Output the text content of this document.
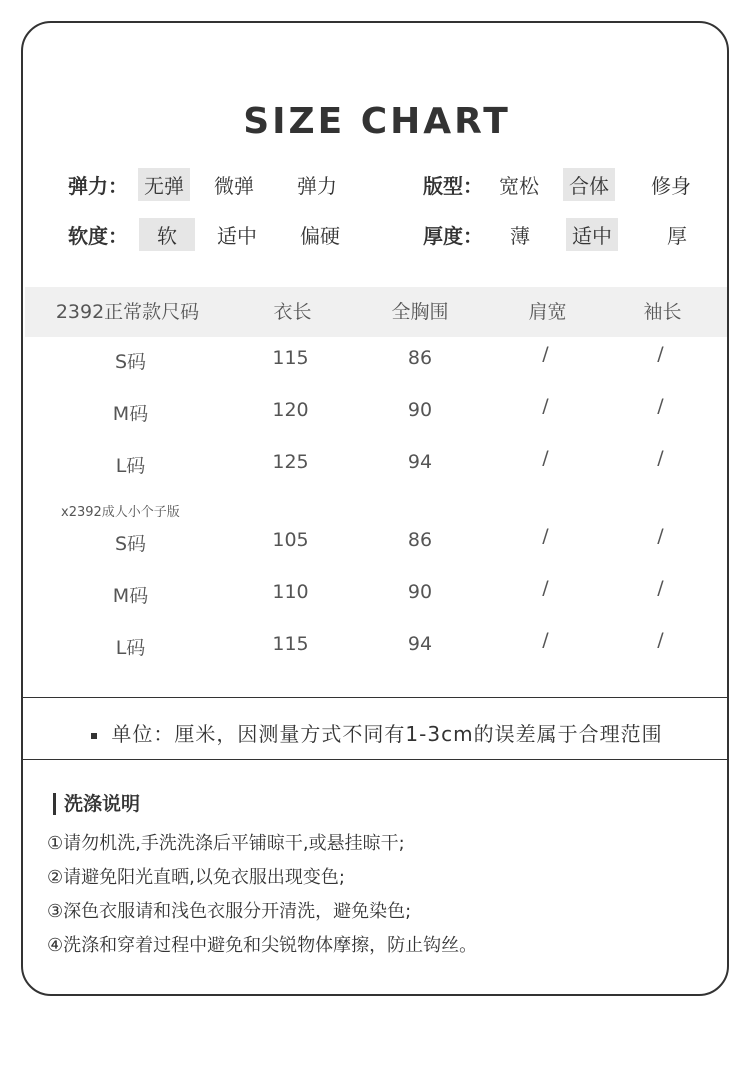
SIZE CHART
弹力： 无弹	微弹	弹力	版型： 宽松	合体	修身
软度：	软	适中	偏硬	厚度：	薄	适中	厚
2392正常款尺码	衣长	全胸围	肩宽	袖长
S码	115	86	/	/
M码	120	90	/	/
L码	125	94	/	/
x2392成人小个子版
S码	105	86	/	/
M码	110	90	/	/
L码	115	94	/	/
单位：厘米，因测量方式不同有1-3cm的误差属于合理范围
洗涤说明
①请勿机洗,手洗洗涤后平铺晾干,或悬挂晾干;
②请避免阳光直晒,以免衣服出现变色;
③深色衣服请和浅色衣服分开清洗，避免染色;
④洗涤和穿着过程中避免和尖锐物体摩擦，防止钩丝。
